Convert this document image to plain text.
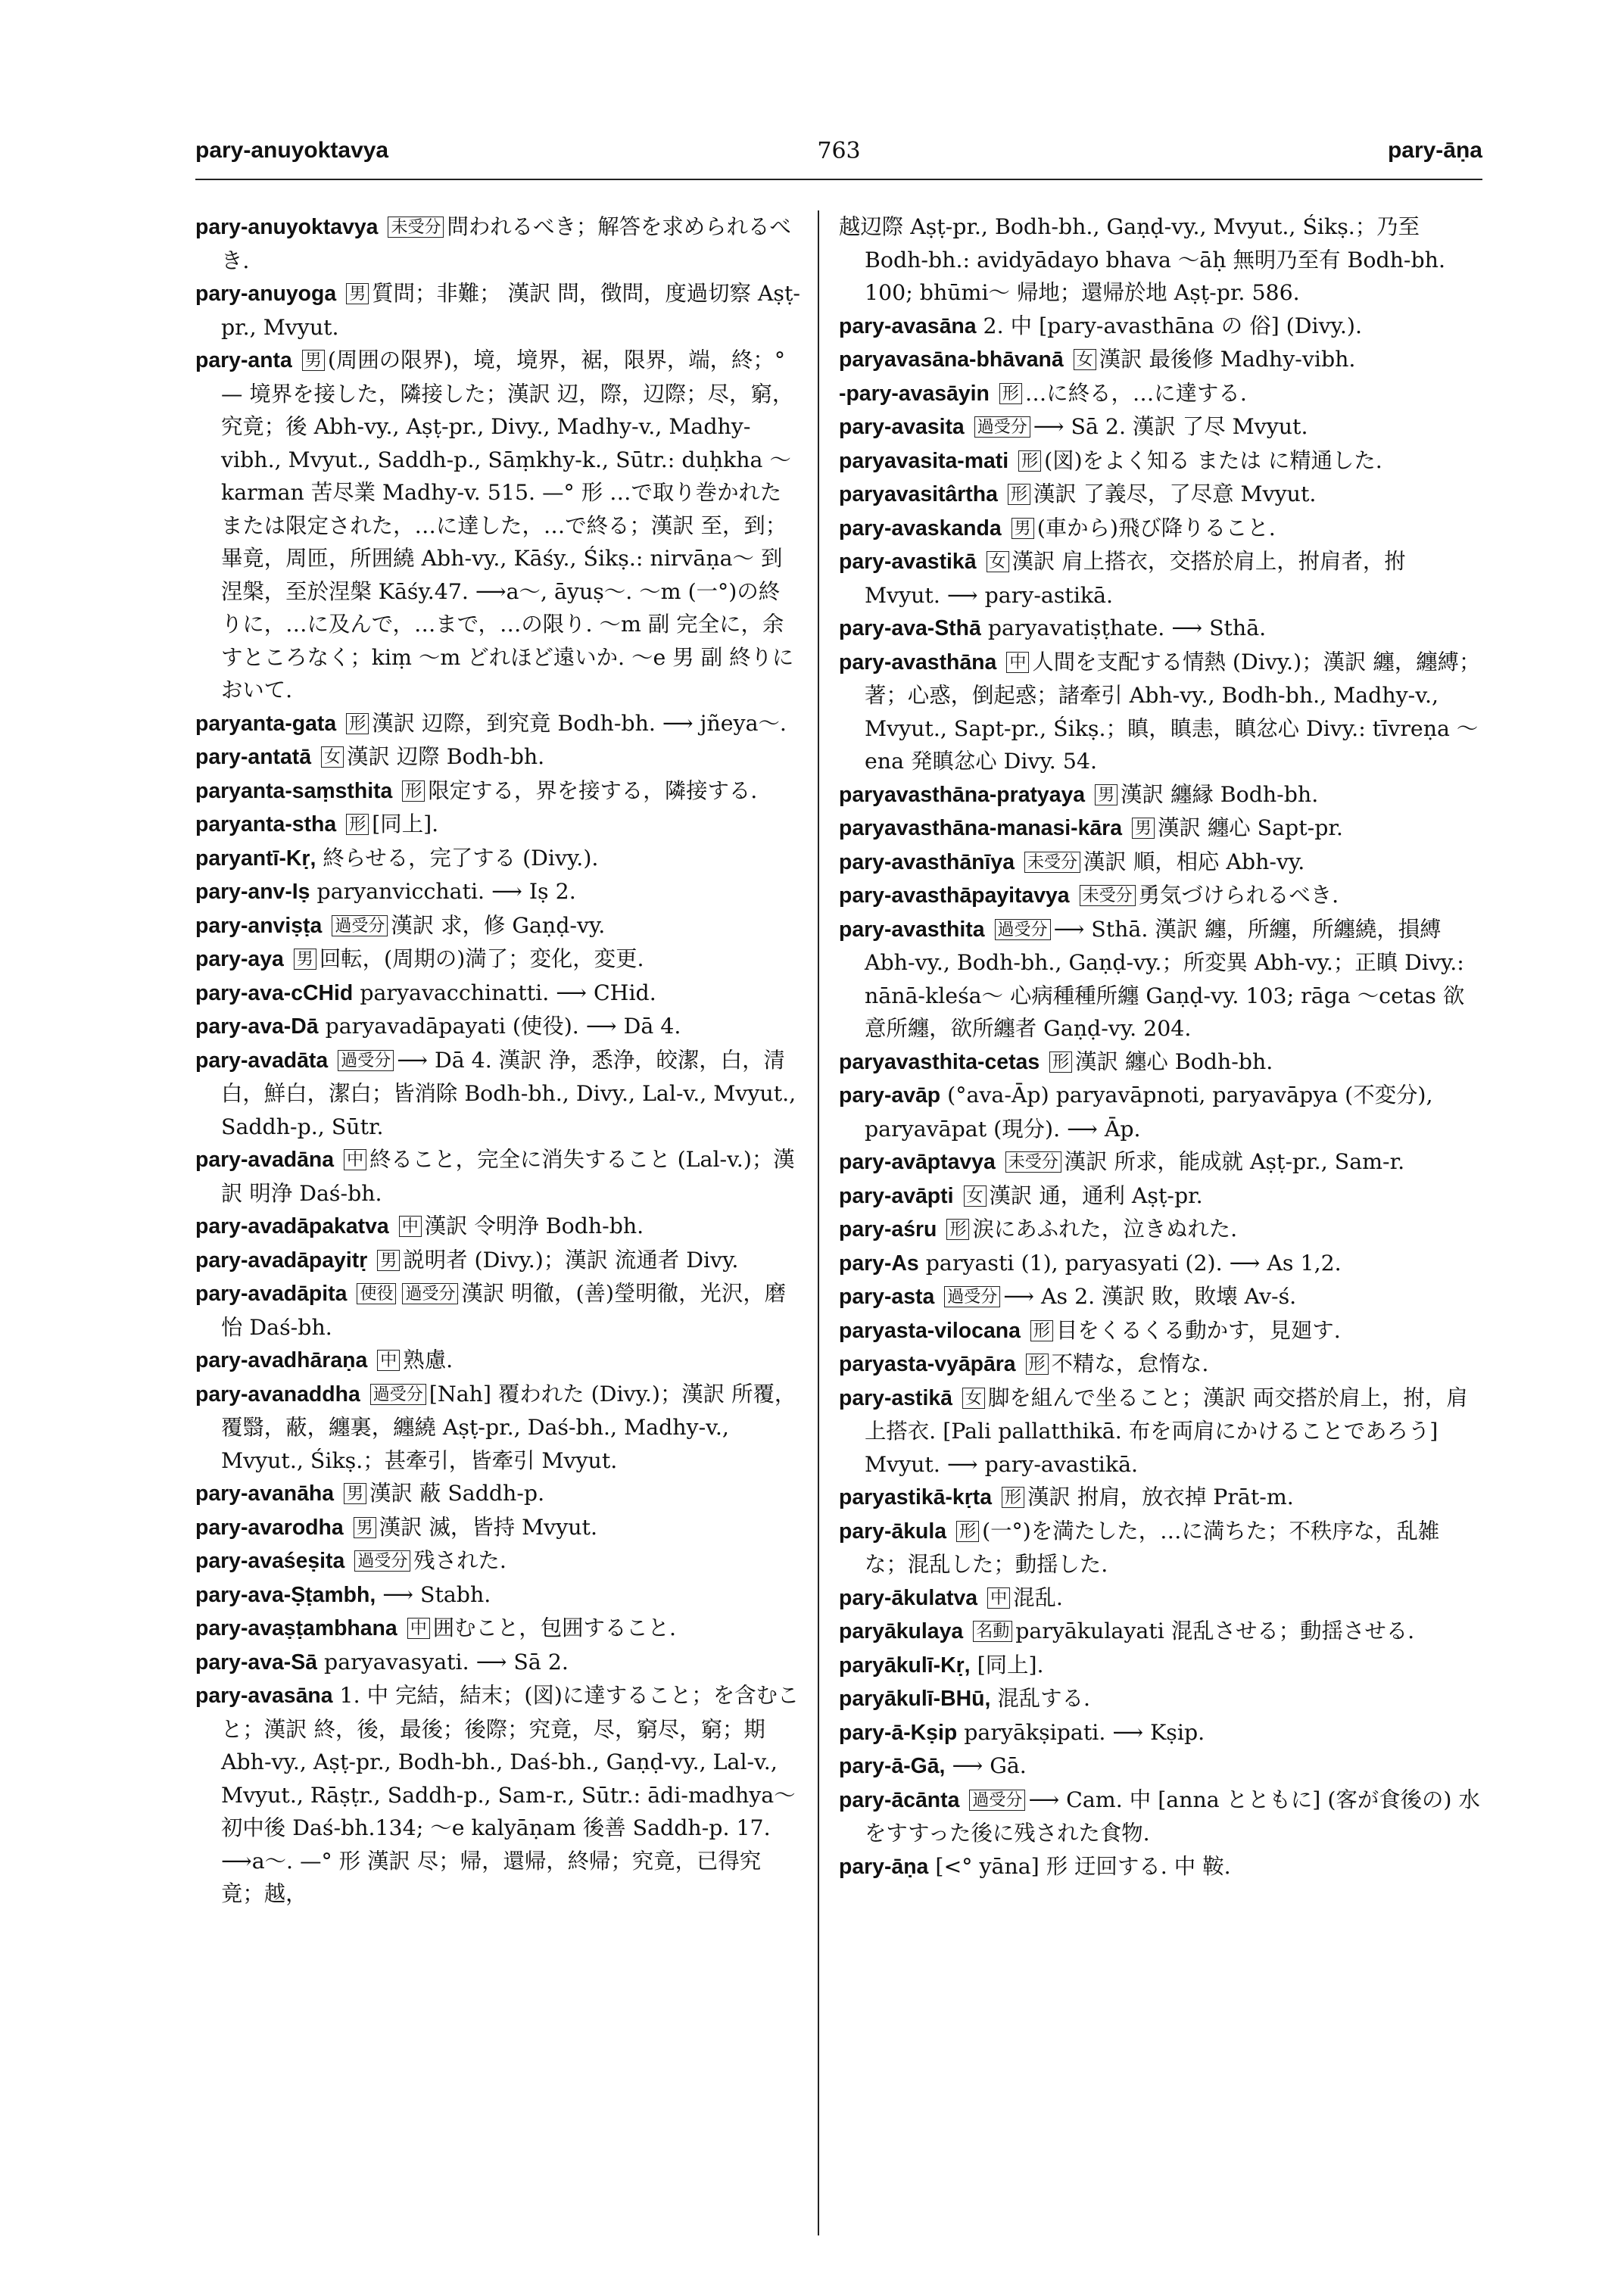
pary-anuyoktavya	763	pary-āṇa

pary-anuyoktavya 未受分 問われるべき；解答を求められるべき.

pary-anuyoga 男 質問；非難； 漢訳 問，徴問，度過切察 Aṣṭ-pr., Mvyut.

pary-anta 男 (周囲の限界)，境，境界，裾，限界，端，終；°— 境界を接した，隣接した；漢訳 辺，際，辺際；尽，窮，究竟；後 Abh-vy., Aṣṭ-pr., Divy., Madhy-v., Madhy-vibh., Mvyut., Saddh-p., Sāṃkhy-k., Sūtr.: duḥkha ～karman 苦尽業 Madhy-v. 515. —° 形 …で取り巻かれたまたは限定された，…に達した，…で終る；漢訳 至，到；畢竟，周匝，所囲繞 Abh-vy., Kāśy., Śikṣ.: nirvāṇa～ 到涅槃，至於涅槃 Kāśy.47. ⟶a～, āyuṣ～. ～m (一°)の終りに，…に及んで，…まで，…の限り. ～m 副 完全に，余すところなく；kiṃ ～m どれほど遠いか. ～e 男 副 終りにおいて.

paryanta-gata 形 漢訳 辺際，到究竟 Bodh-bh. ⟶ jñeya～.

pary-antatā 女 漢訳 辺際 Bodh-bh.

paryanta-saṃsthita 形 限定する，界を接する，隣接する.

paryanta-stha 形 [同上].

paryantī-Kṛ, 終らせる，完了する (Divy.).

pary-anv-Iṣ paryanvicchati. ⟶ Iṣ 2.

pary-anviṣṭa 過受分 漢訳 求，修 Gaṇḍ-vy.

pary-aya 男 回転，(周期の)満了；変化，変更.

pary-ava-cCHid paryavacchinatti. ⟶ CHid.

pary-ava-Dā paryavadāpayati (使役). ⟶ Dā 4.

pary-avadāta 過受分 ⟶ Dā 4. 漢訳 浄，悉浄，皎潔，白，清白，鮮白，潔白；皆消除 Bodh-bh., Divy., Lal-v., Mvyut., Saddh-p., Sūtr.

pary-avadāna 中 終ること，完全に消失すること (Lal-v.)；漢訳 明浄 Daś-bh.

pary-avadāpakatva 中 漢訳 令明浄 Bodh-bh.

pary-avadāpayitṛ 男 説明者 (Divy.)；漢訳 流通者 Divy.

pary-avadāpita 使役 過受分 漢訳 明徹，(善)瑩明徹，光沢，磨怡 Daś-bh.

pary-avadhāraṇa 中 熟慮.

pary-avanaddha 過受分 [Nah] 覆われた (Divy.)；漢訳 所覆，覆翳，蔽，纏裏，纏繞 Aṣṭ-pr., Daś-bh., Madhy-v., Mvyut., Śikṣ.；甚牽引，皆牽引 Mvyut.

pary-avanāha 男 漢訳 蔽 Saddh-p.

pary-avarodha 男 漢訳 滅，皆持 Mvyut.

pary-avaśeṣita 過受分 残された.

pary-ava-Ṣṭambh, ⟶ Stabh.

pary-avaṣṭambhana 中 囲むこと，包囲すること.

pary-ava-Sā paryavasyati. ⟶ Sā 2.

pary-avasāna 1. 中 完結，結末；(図)に達すること；を含むこと；漢訳 終，後，最後；後際；究竟，尽，窮尽，窮；期 Abh-vy., Aṣṭ-pr., Bodh-bh., Daś-bh., Gaṇḍ-vy., Lal-v., Mvyut., Rāṣṭr., Saddh-p., Sam-r., Sūtr.: ādi-madhya～初中後 Daś-bh.134; ～e kalyāṇam 後善 Saddh-p. 17. ⟶a～. —° 形 漢訳 尽；帰，還帰，終帰；究竟，已得究竟；越，

越辺際 Aṣṭ-pr., Bodh-bh., Gaṇḍ-vy., Mvyut., Śikṣ.；乃至 Bodh-bh.: avidyādayo bhava ～āḥ 無明乃至有 Bodh-bh. 100; bhūmi～ 帰地；還帰於地 Aṣṭ-pr. 586.

pary-avasāna 2. 中 [pary-avasthāna の 俗] (Divy.).

paryavasāna-bhāvanā 女 漢訳 最後修 Madhy-vibh.

-pary-avasāyin 形 …に終る，…に達する.

pary-avasita 過受分 ⟶ Sā 2. 漢訳 了尽 Mvyut.

paryavasita-mati 形 (図)をよく知る または に精通した.

paryavasitârtha 形 漢訳 了義尽，了尽意 Mvyut.

pary-avaskanda 男 (車から)飛び降りること.

pary-avastikā 女 漢訳 肩上搭衣，交搭於肩上，拊肩者，拊 Mvyut. ⟶ pary-astikā.

pary-ava-Sthā paryavatiṣṭhate. ⟶ Sthā.

pary-avasthāna 中 人間を支配する情熱 (Divy.)；漢訳 纏，纏縛；著；心惑，倒起惑；諸牽引 Abh-vy., Bodh-bh., Madhy-v., Mvyut., Sapt-pr., Śikṣ.；瞋，瞋恚，瞋忿心 Divy.: tīvreṇa ～ena 発瞋忿心 Divy. 54.

paryavasthāna-pratyaya 男 漢訳 纏縁 Bodh-bh.

paryavasthāna-manasi-kāra 男 漢訳 纏心 Sapt-pr.

pary-avasthānīya 未受分 漢訳 順，相応 Abh-vy.

pary-avasthāpayitavya 未受分 勇気づけられるべき.

pary-avasthita 過受分 ⟶ Sthā. 漢訳 纏，所纏，所纏繞，損縛 Abh-vy., Bodh-bh., Gaṇḍ-vy.；所変異 Abh-vy.；正瞋 Divy.: nānā-kleśa～ 心病種種所纏 Gaṇḍ-vy. 103; rāga ～cetas 欲意所纏，欲所纏者 Gaṇḍ-vy. 204.

paryavasthita-cetas 形 漢訳 纏心 Bodh-bh.

pary-avāp (°ava-Āp) paryavāpnoti, paryavāpya (不変分), paryavāpat (現分). ⟶ Āp.

pary-avāptavya 未受分 漢訳 所求，能成就 Aṣṭ-pr., Sam-r.

pary-avāpti 女 漢訳 通，通利 Aṣṭ-pr.

pary-aśru 形 涙にあふれた，泣きぬれた.

pary-As paryasti (1), paryasyati (2). ⟶ As 1,2.

pary-asta 過受分 ⟶ As 2. 漢訳 敗，敗壊 Av-ś.

paryasta-vilocana 形 目をくるくる動かす，見廻す.

paryasta-vyāpāra 形 不精な，怠惰な.

pary-astikā 女 脚を組んで坐ること；漢訳 両交搭於肩上，拊，肩上搭衣. [Pali pallatthikā. 布を両肩にかけることであろう] Mvyut. ⟶ pary-avastikā.

paryastikā-kṛta 形 漢訳 拊肩，放衣掉 Prāt-m.

pary-ākula 形 (一°)を満たした，…に満ちた；不秩序な，乱雑な；混乱した；動揺した.

pary-ākulatva 中 混乱.

paryākulaya 名動 paryākulayati 混乱させる；動揺させる.

paryākulī-Kṛ, [同上].

paryākulī-BHū, 混乱する.

pary-ā-Kṣip paryākṣipati. ⟶ Kṣip.

pary-ā-Gā, ⟶ Gā.

pary-ācānta 過受分 ⟶ Cam. 中 [anna とともに] (客が食後の) 水をすすった後に残された食物.

pary-āṇa [<° yāna] 形 迂回する. 中 鞍.
